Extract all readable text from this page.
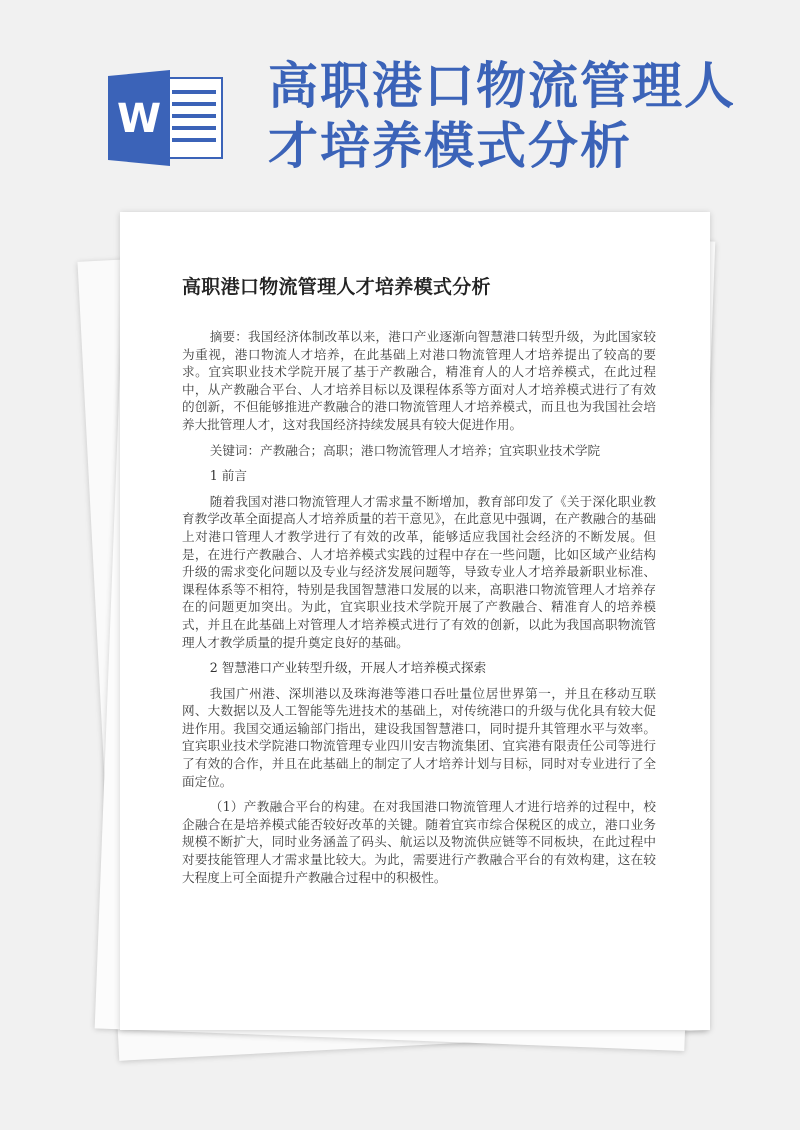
W
高职港口物流管理人才培养模式分析
高职港口物流管理人才培养模式分析

摘要：我国经济体制改革以来，港口产业逐渐向智慧港口转型升级，为此国家较为重视，港口物流人才培养，在此基础上对港口物流管理人才培养提出了较高的要求。宜宾职业技术学院开展了基于产教融合，精准育人的人才培养模式，在此过程中，从产教融合平台、人才培养目标以及课程体系等方面对人才培养模式进行了有效的创新，不但能够推进产教融合的港口物流管理人才培养模式，而且也为我国社会培养大批管理人才，这对我国经济持续发展具有较大促进作用。

关键词：产教融合；高职；港口物流管理人才培养；宜宾职业技术学院

1 前言

随着我国对港口物流管理人才需求量不断增加，教育部印发了《关于深化职业教育教学改革全面提高人才培养质量的若干意见》，在此意见中强调，在产教融合的基础上对港口管理人才教学进行了有效的改革，能够适应我国社会经济的不断发展。但是，在进行产教融合、人才培养模式实践的过程中存在一些问题，比如区域产业结构升级的需求变化问题以及专业与经济发展问题等，导致专业人才培养最新职业标准、课程体系等不相符，特别是我国智慧港口发展的以来，高职港口物流管理人才培养存在的问题更加突出。为此，宜宾职业技术学院开展了产教融合、精准育人的培养模式，并且在此基础上对管理人才培养模式进行了有效的创新，以此为我国高职物流管理人才教学质量的提升奠定良好的基础。

2 智慧港口产业转型升级，开展人才培养模式探索

我国广州港、深圳港以及珠海港等港口吞吐量位居世界第一，并且在移动互联网、大数据以及人工智能等先进技术的基础上，对传统港口的升级与优化具有较大促进作用。我国交通运输部门指出，建设我国智慧港口，同时提升其管理水平与效率。宜宾职业技术学院港口物流管理专业四川安吉物流集团、宜宾港有限责任公司等进行了有效的合作，并且在此基础上的制定了人才培养计划与目标，同时对专业进行了全面定位。

（1）产教融合平台的构建。在对我国港口物流管理人才进行培养的过程中，校企融合在是培养模式能否较好改革的关键。随着宜宾市综合保税区的成立，港口业务规模不断扩大，同时业务涵盖了码头、航运以及物流供应链等不同板块，在此过程中对要技能管理人才需求量比较大。为此，需要进行产教融合平台的有效构建，这在较大程度上可全面提升产教融合过程中的积极性。
